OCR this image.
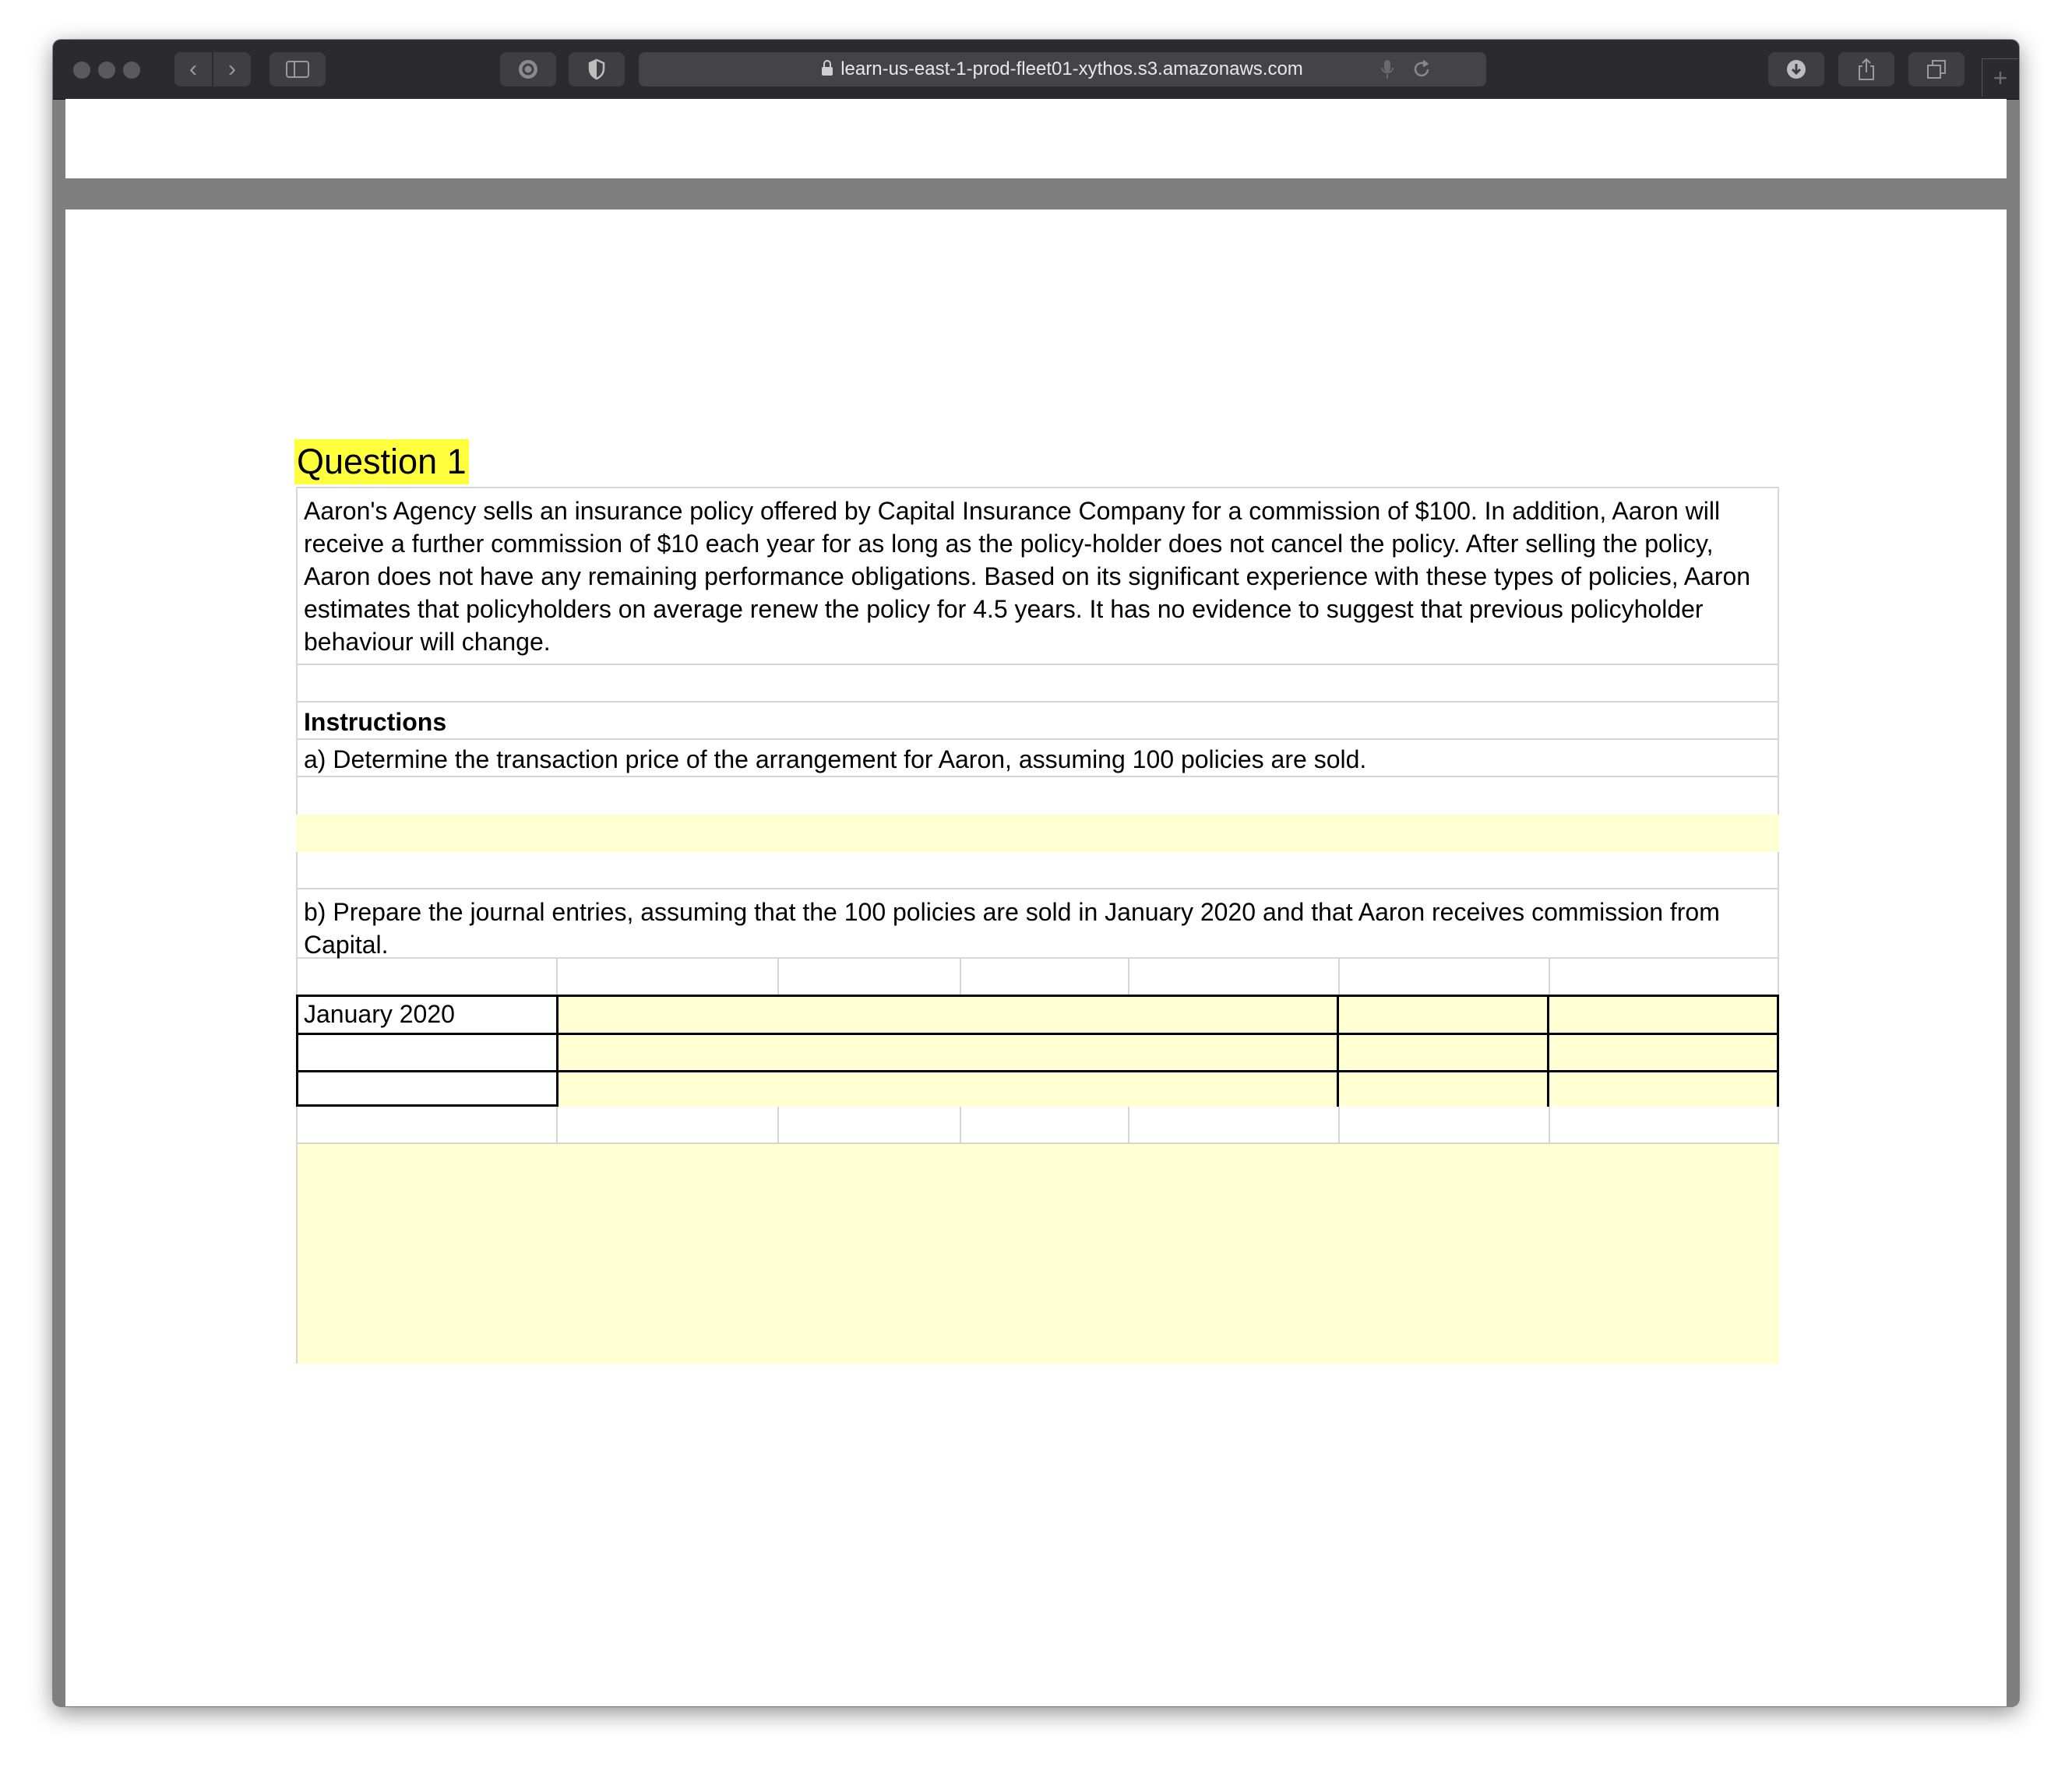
‹ ›	learn-us-east-1-prod-fleet01-xythos.s3.amazonaws.com	+
Question 1
Aaron's Agency sells an insurance policy offered by Capital Insurance Company for a commission of $100. In addition, Aaron will receive a further commission of $10 each year for as long as the policy-holder does not cancel the policy. After selling the policy, Aaron does not have any remaining performance obligations. Based on its significant experience with these types of policies, Aaron estimates that policyholders on average renew the policy for 4.5 years. It has no evidence to suggest that previous policyholder behaviour will change.
Instructions
a) Determine the transaction price of the arrangement for Aaron, assuming 100 policies are sold.
b) Prepare the journal entries, assuming that the 100 policies are sold in January 2020 and that Aaron receives commission from Capital.
January 2020
